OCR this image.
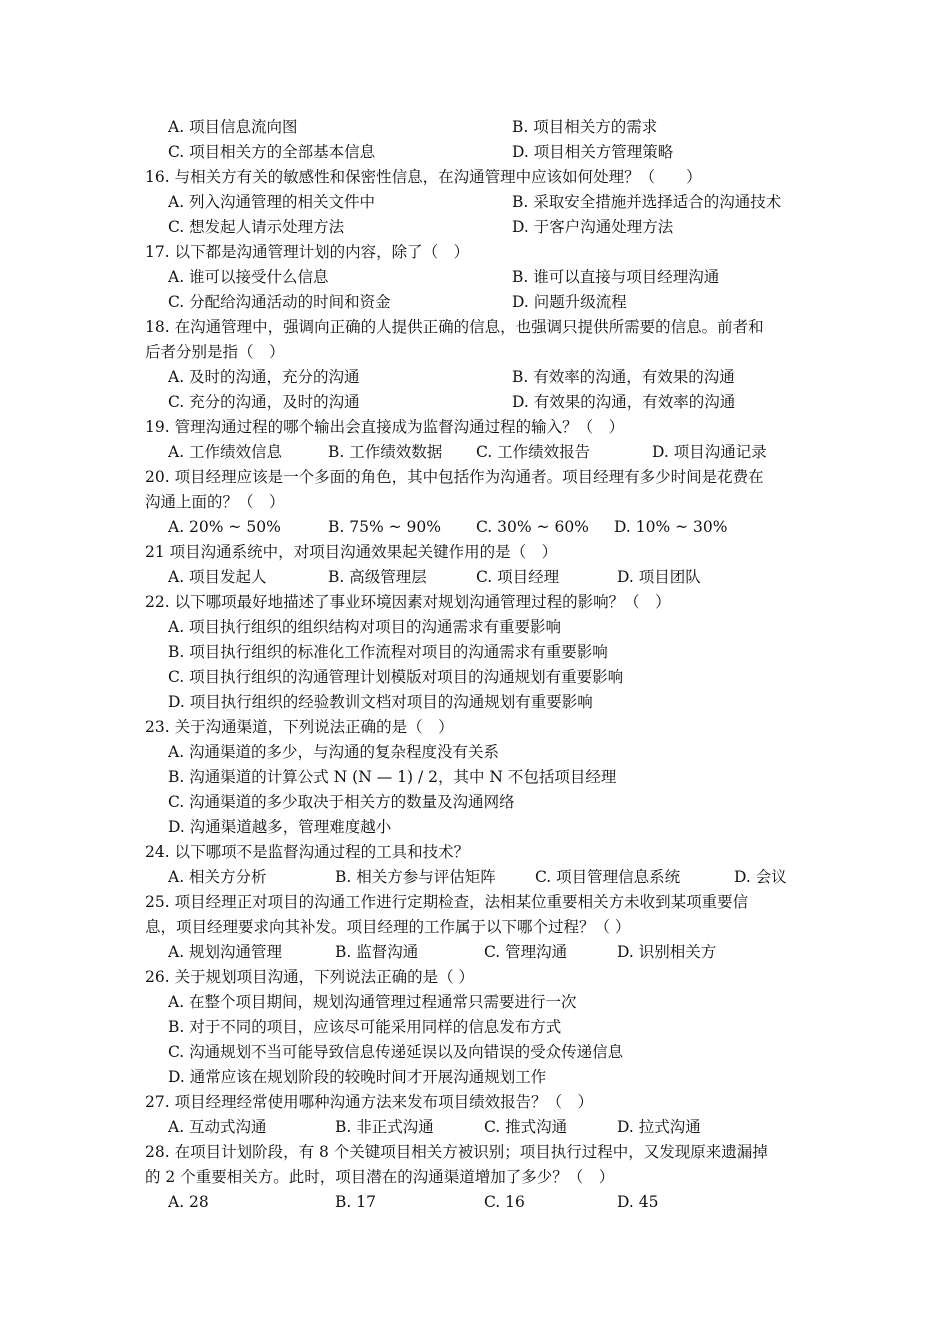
A. 项目信息流向图	B. 项目相关方的需求
C. 项目相关方的全部基本信息	D. 项目相关方管理策略
16. 与相关方有关的敏感性和保密性信息，在沟通管理中应该如何处理？（　　）
A. 列入沟通管理的相关文件中	B. 采取安全措施并选择适合的沟通技术
C. 想发起人请示处理方法	D. 于客户沟通处理方法
17. 以下都是沟通管理计划的内容，除了（　）
A. 谁可以接受什么信息	B. 谁可以直接与项目经理沟通
C. 分配给沟通活动的时间和资金	D. 问题升级流程
18. 在沟通管理中，强调向正确的人提供正确的信息，也强调只提供所需要的信息。前者和
后者分别是指（　）
A. 及时的沟通，充分的沟通	B. 有效率的沟通，有效果的沟通
C. 充分的沟通，及时的沟通	D. 有效果的沟通，有效率的沟通
19. 管理沟通过程的哪个输出会直接成为监督沟通过程的输入？（　）
A. 工作绩效信息	B. 工作绩效数据 C. 工作绩效报告	D. 项目沟通记录
20. 项目经理应该是一个多面的角色，其中包括作为沟通者。项目经理有多少时间是花费在
沟通上面的？（　）
A. 20% ~ 50%	B. 75% ~ 90% C. 30% ~ 60% D. 10% ~ 30%
21 项目沟通系统中，对项目沟通效果起关键作用的是（　）
A. 项目发起人	B. 高级管理层	C. 项目经理	D. 项目团队
22. 以下哪项最好地描述了事业环境因素对规划沟通管理过程的影响？（　）
A. 项目执行组织的组织结构对项目的沟通需求有重要影响
B. 项目执行组织的标准化工作流程对项目的沟通需求有重要影响
C. 项目执行组织的沟通管理计划模版对项目的沟通规划有重要影响
D. 项目执行组织的经验教训文档对项目的沟通规划有重要影响
23. 关于沟通渠道，下列说法正确的是（　）
A. 沟通渠道的多少，与沟通的复杂程度没有关系
B. 沟通渠道的计算公式 N (N — 1) / 2，其中 N 不包括项目经理
C. 沟通渠道的多少取决于相关方的数量及沟通网络
D. 沟通渠道越多，管理难度越小
24. 以下哪项不是监督沟通过程的工具和技术？
A. 相关方分析	B. 相关方参与评估矩阵	C. 项目管理信息系统	D. 会议
25. 项目经理正对项目的沟通工作进行定期检查，法相某位重要相关方未收到某项重要信
息，项目经理要求向其补发。项目经理的工作属于以下哪个过程？（ ）
A. 规划沟通管理	B. 监督沟通	C. 管理沟通	D. 识别相关方
26. 关于规划项目沟通，下列说法正确的是（ ）
A. 在整个项目期间，规划沟通管理过程通常只需要进行一次
B. 对于不同的项目，应该尽可能采用同样的信息发布方式
C. 沟通规划不当可能导致信息传递延误以及向错误的受众传递信息
D. 通常应该在规划阶段的较晚时间才开展沟通规划工作
27. 项目经理经常使用哪种沟通方法来发布项目绩效报告？（　）
A. 互动式沟通	B. 非正式沟通	C. 推式沟通	D. 拉式沟通
28. 在项目计划阶段，有 8 个关键项目相关方被识别；项目执行过程中，又发现原来遗漏掉
的 2 个重要相关方。此时，项目潜在的沟通渠道增加了多少？（　）
A. 28	B. 17	C. 16	D. 45
